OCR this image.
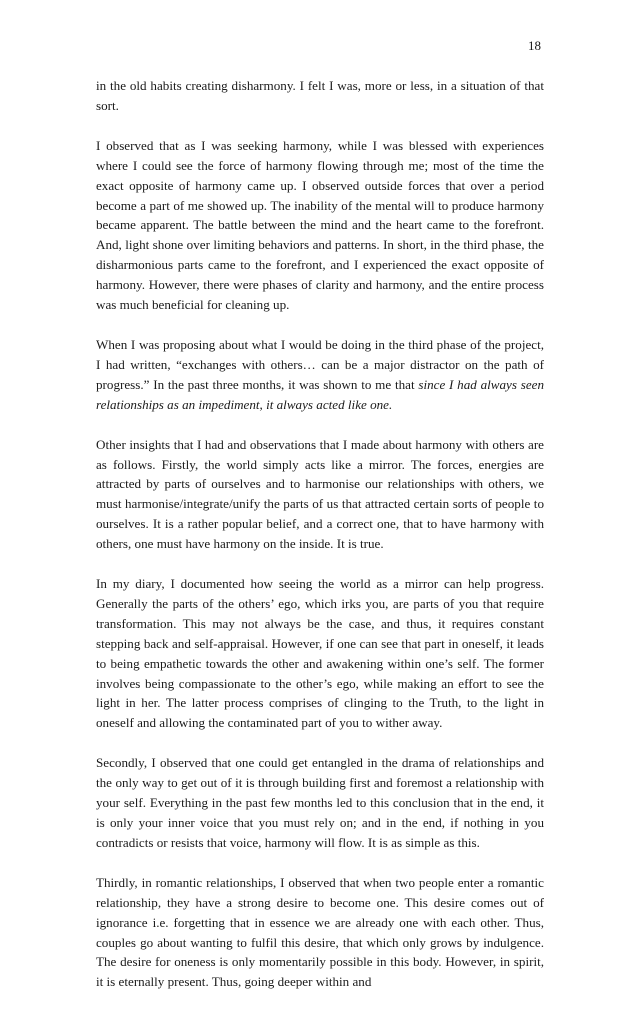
18

in the old habits creating disharmony. I felt I was, more or less, in a situation of that sort.

I observed that as I was seeking harmony, while I was blessed with experiences where I could see the force of harmony flowing through me; most of the time the exact opposite of harmony came up. I observed outside forces that over a period become a part of me showed up. The inability of the mental will to produce harmony became apparent. The battle between the mind and the heart came to the forefront. And, light shone over limiting behaviors and patterns. In short, in the third phase, the disharmonious parts came to the forefront, and I experienced the exact opposite of harmony. However, there were phases of clarity and harmony, and the entire process was much beneficial for cleaning up.

When I was proposing about what I would be doing in the third phase of the project, I had written, “exchanges with others… can be a major distractor on the path of progress.” In the past three months, it was shown to me that since I had always seen relationships as an impediment, it always acted like one.

Other insights that I had and observations that I made about harmony with others are as follows. Firstly, the world simply acts like a mirror. The forces, energies are attracted by parts of ourselves and to harmonise our relationships with others, we must harmonise/integrate/unify the parts of us that attracted certain sorts of people to ourselves. It is a rather popular belief, and a correct one, that to have harmony with others, one must have harmony on the inside. It is true.

In my diary, I documented how seeing the world as a mirror can help progress. Generally the parts of the others’ ego, which irks you, are parts of you that require transformation. This may not always be the case, and thus, it requires constant stepping back and self-appraisal. However, if one can see that part in oneself, it leads to being empathetic towards the other and awakening within one’s self. The former involves being compassionate to the other’s ego, while making an effort to see the light in her. The latter process comprises of clinging to the Truth, to the light in oneself and allowing the contaminated part of you to wither away.

Secondly, I observed that one could get entangled in the drama of relationships and the only way to get out of it is through building first and foremost a relationship with your self. Everything in the past few months led to this conclusion that in the end, it is only your inner voice that you must rely on; and in the end, if nothing in you contradicts or resists that voice, harmony will flow. It is as simple as this.

Thirdly, in romantic relationships, I observed that when two people enter a romantic relationship, they have a strong desire to become one. This desire comes out of ignorance i.e. forgetting that in essence we are already one with each other. Thus, couples go about wanting to fulfil this desire, that which only grows by indulgence. The desire for oneness is only momentarily possible in this body. However, in spirit, it is eternally present. Thus, going deeper within and
